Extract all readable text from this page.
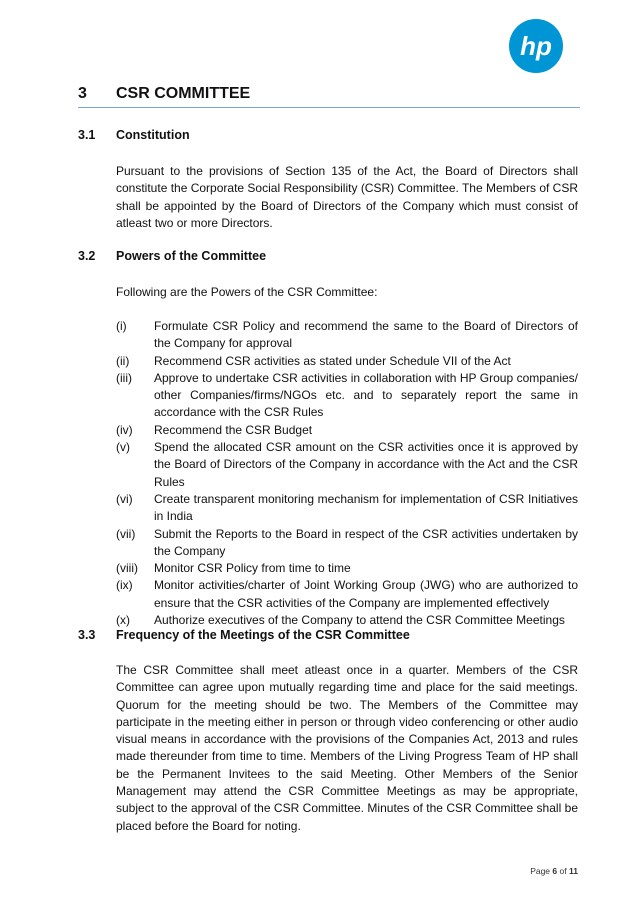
hp
3 CSR COMMITTEE
3.1 Constitution

Pursuant to the provisions of Section 135 of the Act, the Board of Directors shall constitute the Corporate Social Responsibility (CSR) Committee. The Members of CSR shall be appointed by the Board of Directors of the Company which must consist of atleast two or more Directors.

3.2 Powers of the Committee

Following are the Powers of the CSR Committee:

(i) Formulate CSR Policy and recommend the same to the Board of Directors of the Company for approval
(ii) Recommend CSR activities as stated under Schedule VII of the Act
(iii) Approve to undertake CSR activities in collaboration with HP Group companies/ other Companies/firms/NGOs etc. and to separately report the same in accordance with the CSR Rules
(iv) Recommend the CSR Budget
(v) Spend the allocated CSR amount on the CSR activities once it is approved by the Board of Directors of the Company in accordance with the Act and the CSR Rules
(vi) Create transparent monitoring mechanism for implementation of CSR Initiatives in India
(vii) Submit the Reports to the Board in respect of the CSR activities undertaken by the Company
(viii) Monitor CSR Policy from time to time
(ix) Monitor activities/charter of Joint Working Group (JWG) who are authorized to ensure that the CSR activities of the Company are implemented effectively
(x) Authorize executives of the Company to attend the CSR Committee Meetings
3.3 Frequency of the Meetings of the CSR Committee

The CSR Committee shall meet atleast once in a quarter. Members of the CSR Committee can agree upon mutually regarding time and place for the said meetings. Quorum for the meeting should be two. The Members of the Committee may participate in the meeting either in person or through video conferencing or other audio visual means in accordance with the provisions of the Companies Act, 2013 and rules made thereunder from time to time. Members of the Living Progress Team of HP shall be the Permanent Invitees to the said Meeting. Other Members of the Senior Management may attend the CSR Committee Meetings as may be appropriate, subject to the approval of the CSR Committee. Minutes of the CSR Committee shall be placed before the Board for noting.

Page 6 of 11
